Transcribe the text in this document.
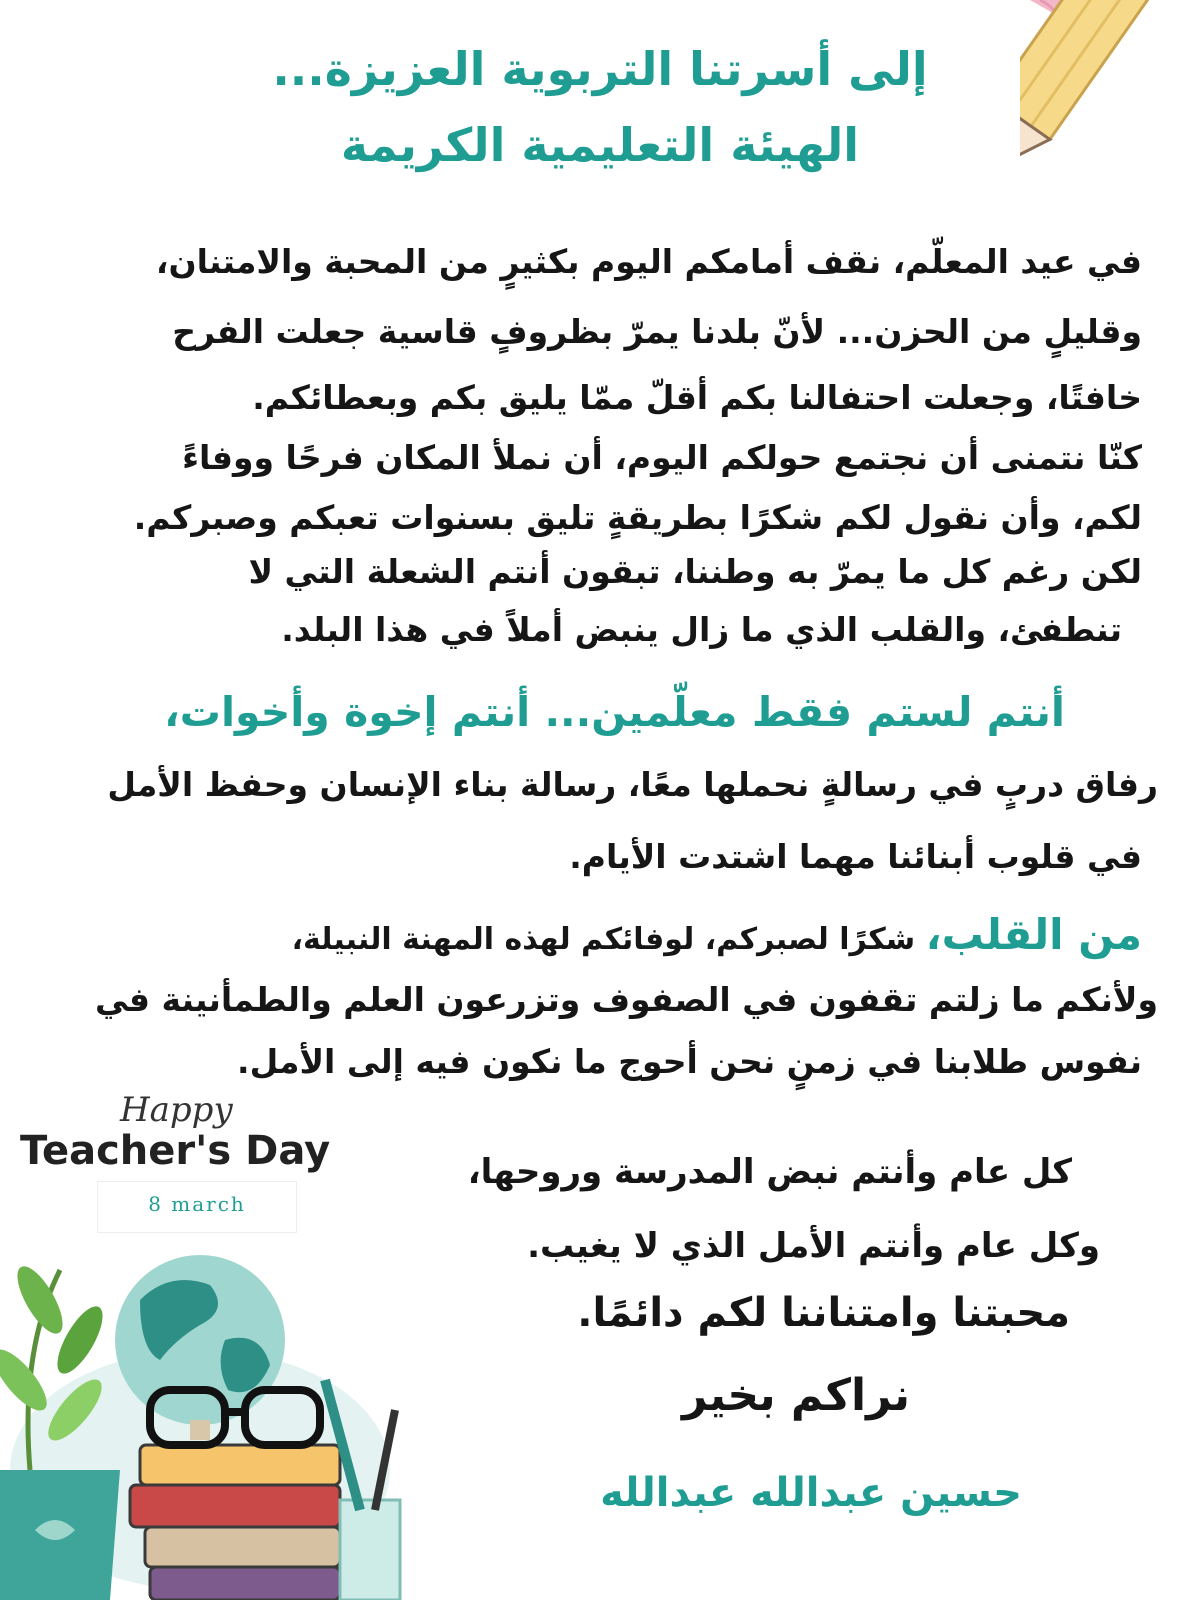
إلى أسرتنا التربوية العزيزة...
الهيئة التعليمية الكريمة
في عيد المعلّم، نقف أمامكم اليوم بكثيرٍ من المحبة والامتنان،
وقليلٍ من الحزن... لأنّ بلدنا يمرّ بظروفٍ قاسية جعلت الفرح
خافتًا، وجعلت احتفالنا بكم أقلّ ممّا يليق بكم وبعطائكم.
كنّا نتمنى أن نجتمع حولكم اليوم، أن نملأ المكان فرحًا ووفاءً
لكم، وأن نقول لكم شكرًا بطريقةٍ تليق بسنوات تعبكم وصبركم.
لكن رغم كل ما يمرّ به وطننا، تبقون أنتم الشعلة التي لا
تنطفئ، والقلب الذي ما زال ينبض أملاً في هذا البلد.
أنتم لستم فقط معلّمين... أنتم إخوة وأخوات،
رفاق دربٍ في رسالةٍ نحملها معًا، رسالة بناء الإنسان وحفظ الأمل
في قلوب أبنائنا مهما اشتدت الأيام.
من القلب، شكرًا لصبركم، لوفائكم لهذه المهنة النبيلة،
ولأنكم ما زلتم تقفون في الصفوف وتزرعون العلم والطمأنينة في
نفوس طلابنا في زمنٍ نحن أحوج ما نكون فيه إلى الأمل.
Happy
Teacher's Day
8 march
كل عام وأنتم نبض المدرسة وروحها،
وكل عام وأنتم الأمل الذي لا يغيب.
محبتنا وامتناننا لكم دائمًا.
نراكم بخير
حسين عبدالله عبدالله
